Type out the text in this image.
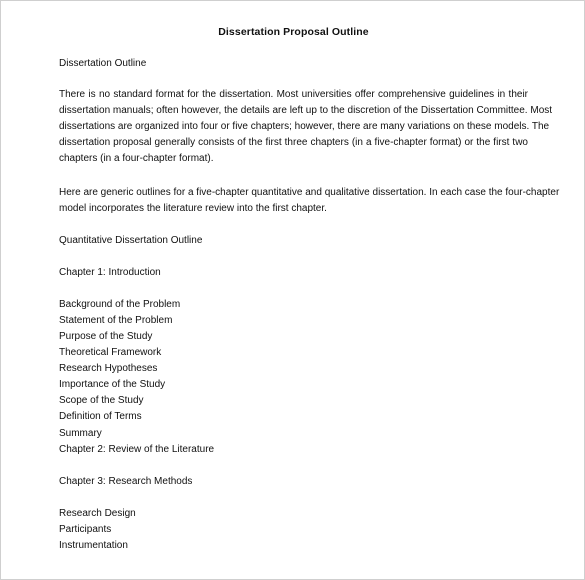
Dissertation Proposal Outline
Dissertation Outline
There is no standard format for the dissertation. Most universities offer comprehensive guidelines in their
dissertation manuals; often however, the details are left up to the discretion of the Dissertation Committee. Most
dissertations are organized into four or five chapters; however, there are many variations on these models. The
dissertation proposal generally consists of the first three chapters (in a five-chapter format) or the first two
chapters (in a four-chapter format).
Here are generic outlines for a five-chapter quantitative and qualitative dissertation. In each case the four-chapter
model incorporates the literature review into the first chapter.
Quantitative Dissertation Outline
Chapter 1: Introduction
Background of the Problem
Statement of the Problem
Purpose of the Study
Theoretical Framework
Research Hypotheses
Importance of the Study
Scope of the Study
Definition of Terms
Summary
Chapter 2: Review of the Literature
Chapter 3: Research Methods
Research Design
Participants
Instrumentation
